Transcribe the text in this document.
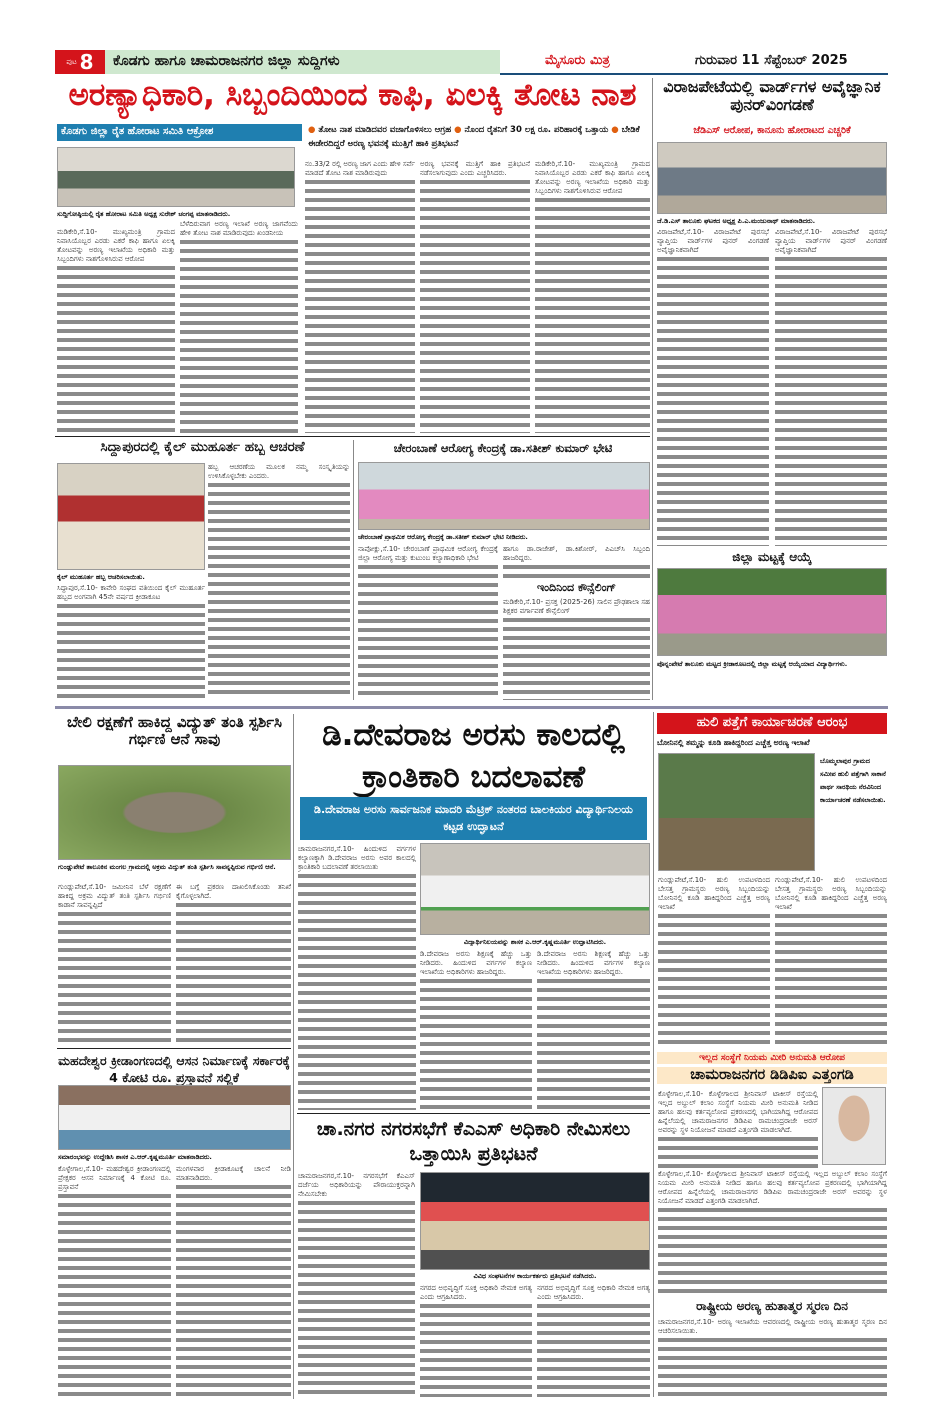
ಪುಟ 8	ಕೊಡಗು ಹಾಗೂ ಚಾಮರಾಜನಗರ ಜಿಲ್ಲಾ ಸುದ್ದಿಗಳು	ಮೈಸೂರು ಮಿತ್ರ	ಗುರುವಾರ 11 ಸೆಪ್ಟೆಂಬರ್ 2025
ಅರಣ್ಯಾಧಿಕಾರಿ, ಸಿಬ್ಬಂದಿಯಿಂದ ಕಾಫಿ, ಏಲಕ್ಕಿ ತೋಟ ನಾಶ
ಕೊಡಗು ಜಿಲ್ಲಾ ರೈತ ಹೋರಾಟ ಸಮಿತಿ ಆಕ್ರೋಶ	● ತೋಟ ನಾಶ ಮಾಡಿದವರ ವಜಾಗೊಳಿಸಲು ಆಗ್ರಹ ● ನೊಂದ ರೈತನಿಗೆ 30 ಲಕ್ಷ ರೂ. ಪರಿಹಾರಕ್ಕೆ ಒತ್ತಾಯ ● ಬೇಡಿಕೆ ಈಡೇರದಿದ್ದರೆ ಅರಣ್ಯ ಭವನಕ್ಕೆ ಮುತ್ತಿಗೆ ಹಾಕಿ ಪ್ರತಿಭಟನೆ
ಸುದ್ದಿಗೋಷ್ಠಿಯಲ್ಲಿ ರೈತ ಹೋರಾಟ ಸಮಿತಿ ಅಧ್ಯಕ್ಷ ಸುರೇಶ್ ಚಂಗಪ್ಪ ಮಾತನಾಡಿದರು.
ಮಡಿಕೇರಿ,ಸೆ.10- ಮುಖ್ಯಮಂತ್ರಿ ಗ್ರಾಮದ ನಿವಾಸಿಯೊಬ್ಬರ ಎರಡು ಎಕರೆ ಕಾಫಿ ಹಾಗೂ ಏಲಕ್ಕಿ ತೋಟವನ್ನು ಅರಣ್ಯ ಇಲಾಖೆಯ ಅಧಿಕಾರಿ ಮತ್ತು ಸಿಬ್ಬಂದಿಗಳು ನಾಶಗೊಳಿಸಿರುವ ಆರೋಪ
ಬೆಳೆದಿರುವಾಗ ಅರಣ್ಯ ಇಲಾಖೆ ಅರಣ್ಯ ಜಾಗವೆಂದು ಹೇಳಿ ತೋಟ ನಾಶ ಮಾಡಿರುವುದು ಖಂಡನೀಯ
ನಂ.33/2 ರಲ್ಲಿ ಅರಣ್ಯ ಜಾಗ ಎಂದು ಹೇಳಿ ಸರ್ವೆ ಮಾಡದೆ ತೋಟ ನಾಶ ಮಾಡಿರುವುದು
ಅರಣ್ಯ ಭವನಕ್ಕೆ ಮುತ್ತಿಗೆ ಹಾಕಿ ಪ್ರತಿಭಟನೆ ನಡೆಸಲಾಗುವುದು ಎಂದು ಎಚ್ಚರಿಸಿದರು.
ಮಡಿಕೇರಿ,ಸೆ.10- ಮುಖ್ಯಮಂತ್ರಿ ಗ್ರಾಮದ ನಿವಾಸಿಯೊಬ್ಬರ ಎರಡು ಎಕರೆ ಕಾಫಿ ಹಾಗೂ ಏಲಕ್ಕಿ ತೋಟವನ್ನು ಅರಣ್ಯ ಇಲಾಖೆಯ ಅಧಿಕಾರಿ ಮತ್ತು ಸಿಬ್ಬಂದಿಗಳು ನಾಶಗೊಳಿಸಿರುವ ಆರೋಪ
ವಿರಾಜಪೇಟೆಯಲ್ಲಿ ವಾರ್ಡ್‌ಗಳ ಅವೈಜ್ಞಾನಿಕ ಪುನರ್‌ವಿಂಗಡಣೆ
ಜೆಡಿಎಸ್ ಆರೋಪ, ಕಾನೂನು ಹೋರಾಟದ ಎಚ್ಚರಿಕೆ
ಜೆ.ಡಿ.ಎಸ್ ತಾಲೂಕು ಘಟಕದ ಅಧ್ಯಕ್ಷ ಪಿ.ಎ.ಮಂಜುನಾಥ್ ಮಾತನಾಡಿದರು.
ವಿರಾಜಪೇಟೆ,ಸೆ.10- ವಿರಾಜಪೇಟೆ ಪುರಸಭೆ ವ್ಯಾಪ್ತಿಯ ವಾರ್ಡ್‌ಗಳ ಪುನರ್ ವಿಂಗಡಣೆ ಅವೈಜ್ಞಾನಿಕವಾಗಿದೆ
ವಿರಾಜಪೇಟೆ,ಸೆ.10- ವಿರಾಜಪೇಟೆ ಪುರಸಭೆ ವ್ಯಾಪ್ತಿಯ ವಾರ್ಡ್‌ಗಳ ಪುನರ್ ವಿಂಗಡಣೆ ಅವೈಜ್ಞಾನಿಕವಾಗಿದೆ
ಜಿಲ್ಲಾ ಮಟ್ಟಕ್ಕೆ ಆಯ್ಕೆ
ಪೊನ್ನಂಪೇಟೆ ತಾಲೂಕು ಮಟ್ಟದ ಕ್ರೀಡಾಕೂಟದಲ್ಲಿ ಜಿಲ್ಲಾ ಮಟ್ಟಕ್ಕೆ ಆಯ್ಕೆಯಾದ ವಿದ್ಯಾರ್ಥಿಗಳು.
ಸಿದ್ದಾಪುರದಲ್ಲಿ ಕೈಲ್ ಮುಹೂರ್ತ ಹಬ್ಬ ಆಚರಣೆ
ಕೈಲ್ ಮುಹೂರ್ತ ಹಬ್ಬ ಆಚರಿಸಲಾಯಿತು.
ಸಿದ್ದಾಪುರ,ಸೆ.10- ಕಾವೇರಿ ಸಂಘದ ವತಿಯಿಂದ ಕೈಲ್ ಮುಹೂರ್ತ ಹಬ್ಬದ ಅಂಗವಾಗಿ 45ನೇ ವರ್ಷದ ಕ್ರೀಡಾಕೂಟ
ಹಬ್ಬ ಆಚರಣೆಯ ಮೂಲಕ ನಮ್ಮ ಸಂಸ್ಕೃತಿಯನ್ನು ಉಳಿಸಿಕೊಳ್ಳಬೇಕು ಎಂದರು.
ಚೇರಂಬಾಣೆ ಆರೋಗ್ಯ ಕೇಂದ್ರಕ್ಕೆ ಡಾ.ಸತೀಶ್ ಕುಮಾರ್ ಭೇಟಿ
ಚೇರಂಬಾಣೆ ಪ್ರಾಥಮಿಕ ಆರೋಗ್ಯ ಕೇಂದ್ರಕ್ಕೆ ಡಾ.ಸತೀಶ್ ಕುಮಾರ್ ಭೇಟಿ ನೀಡಿದರು.
ನಾಪೋಕ್ಲು,ಸೆ.10- ಚೇರಂಬಾಣೆ ಪ್ರಾಥಮಿಕ ಆರೋಗ್ಯ ಕೇಂದ್ರಕ್ಕೆ ಜಿಲ್ಲಾ ಆರೋಗ್ಯ ಮತ್ತು ಕುಟುಂಬ ಕಲ್ಯಾಣಾಧಿಕಾರಿ ಭೇಟಿ
ಹಾಗೂ ಡಾ.ರಾಜೇಶ್, ಡಾ.ಕಿಶೋರ್, ಪಿಎಚ್‌ಸಿ ಸಿಬ್ಬಂದಿ ಹಾಜರಿದ್ದರು.
ಇಂದಿನಿಂದ ಕೌನ್ಸೆಲಿಂಗ್
ಮಡಿಕೇರಿ,ಸೆ.10- ಪ್ರಸಕ್ತ (2025-26) ಸಾಲಿನ ಪ್ರೌಢಶಾಲಾ ಸಹ ಶಿಕ್ಷಕರ ವರ್ಗಾವಣೆ ಕೌನ್ಸೆಲಿಂಗ್
ಬೇಲಿ ರಕ್ಷಣೆಗೆ ಹಾಕಿದ್ದ ವಿದ್ಯುತ್ ತಂತಿ ಸ್ಪರ್ಶಿಸಿ ಗರ್ಭಿಣಿ ಆನೆ ಸಾವು
ಗುಂಡ್ಲುಪೇಟೆ ತಾಲೂಕಿನ ಮಂಗಲ ಗ್ರಾಮದಲ್ಲಿ ಅಕ್ರಮ ವಿದ್ಯುತ್ ತಂತಿ ಸ್ಪರ್ಶಿಸಿ ಸಾವನ್ನಪ್ಪಿರುವ ಗರ್ಭಿಣಿ ಆನೆ.
ಗುಂಡ್ಲುಪೇಟೆ,ಸೆ.10- ಜಮೀನಿನ ಬೆಳೆ ರಕ್ಷಣೆಗೆ ಹಾಕಿದ್ದ ಅಕ್ರಮ ವಿದ್ಯುತ್ ತಂತಿ ಸ್ಪರ್ಶಿಸಿ ಗರ್ಭಿಣಿ ಕಾಡಾನೆ ಸಾವನ್ನಪ್ಪಿದೆ
ಈ ಬಗ್ಗೆ ಪ್ರಕರಣ ದಾಖಲಿಸಿಕೊಂಡು ತನಿಖೆ ಕೈಗೊಳ್ಳಲಾಗಿದೆ.
ಡಿ.ದೇವರಾಜ ಅರಸು ಕಾಲದಲ್ಲಿ ಕ್ರಾಂತಿಕಾರಿ ಬದಲಾವಣೆ
ಡಿ.ದೇವರಾಜ ಅರಸು ಸಾರ್ವಜನಿಕ ಮಾದರಿ ಮೆಟ್ರಿಕ್ ನಂತರದ ಬಾಲಕಿಯರ ವಿದ್ಯಾರ್ಥಿನಿಲಯ ಕಟ್ಟಡ ಉದ್ಘಾಟನೆ
ಚಾಮರಾಜನಗರ,ಸೆ.10- ಹಿಂದುಳಿದ ವರ್ಗಗಳ ಕಲ್ಯಾಣಕ್ಕಾಗಿ ಡಿ.ದೇವರಾಜ ಅರಸು ಅವರ ಕಾಲದಲ್ಲಿ ಕ್ರಾಂತಿಕಾರಿ ಬದಲಾವಣೆ ತರಲಾಯಿತು
ವಿದ್ಯಾರ್ಥಿನಿಲಯವನ್ನು ಶಾಸಕ ಎ.ಆರ್.ಕೃಷ್ಣಮೂರ್ತಿ ಉದ್ಘಾಟಿಸಿದರು.
ಡಿ.ದೇವರಾಜ ಅರಸು ಶಿಕ್ಷಣಕ್ಕೆ ಹೆಚ್ಚು ಒತ್ತು ನೀಡಿದರು. ಹಿಂದುಳಿದ ವರ್ಗಗಳ ಕಲ್ಯಾಣ ಇಲಾಖೆಯ ಅಧಿಕಾರಿಗಳು ಹಾಜರಿದ್ದರು.
ಡಿ.ದೇವರಾಜ ಅರಸು ಶಿಕ್ಷಣಕ್ಕೆ ಹೆಚ್ಚು ಒತ್ತು ನೀಡಿದರು. ಹಿಂದುಳಿದ ವರ್ಗಗಳ ಕಲ್ಯಾಣ ಇಲಾಖೆಯ ಅಧಿಕಾರಿಗಳು ಹಾಜರಿದ್ದರು.
ಚಾ.ನಗರ ನಗರಸಭೆಗೆ ಕೆಎಎಸ್ ಅಧಿಕಾರಿ ನೇಮಿಸಲು ಒತ್ತಾಯಿಸಿ ಪ್ರತಿಭಟನೆ
ಚಾಮರಾಜನಗರ,ಸೆ.10- ನಗರಸಭೆಗೆ ಕೆಎಎಸ್ ದರ್ಜೆಯ ಅಧಿಕಾರಿಯನ್ನು ಪೌರಾಯುಕ್ತರನ್ನಾಗಿ ನೇಮಿಸಬೇಕು
ವಿವಿಧ ಸಂಘಟನೆಗಳ ಕಾರ್ಯಕರ್ತರು ಪ್ರತಿಭಟನೆ ನಡೆಸಿದರು.
ನಗರದ ಅಭಿವೃದ್ಧಿಗೆ ಸೂಕ್ತ ಅಧಿಕಾರಿ ನೇಮಕ ಅಗತ್ಯ ಎಂದು ಆಗ್ರಹಿಸಿದರು.
ನಗರದ ಅಭಿವೃದ್ಧಿಗೆ ಸೂಕ್ತ ಅಧಿಕಾರಿ ನೇಮಕ ಅಗತ್ಯ ಎಂದು ಆಗ್ರಹಿಸಿದರು.
ಮಹದೇಶ್ವರ ಕ್ರೀಡಾಂಗಣದಲ್ಲಿ ಆಸನ ನಿರ್ಮಾಣಕ್ಕೆ ಸರ್ಕಾರಕ್ಕೆ 4 ಕೋಟಿ ರೂ. ಪ್ರಸ್ತಾವನೆ ಸಲ್ಲಿಕೆ
ಸಮಾರಂಭವನ್ನು ಉದ್ದೇಶಿಸಿ ಶಾಸಕ ಎ.ಆರ್.ಕೃಷ್ಣಮೂರ್ತಿ ಮಾತನಾಡಿದರು.
ಕೊಳ್ಳೇಗಾಲ,ಸೆ.10- ಮಹದೇಶ್ವರ ಕ್ರೀಡಾಂಗಣದಲ್ಲಿ ಪ್ರೇಕ್ಷಕರ ಆಸನ ನಿರ್ಮಾಣಕ್ಕೆ 4 ಕೋಟಿ ರೂ. ಪ್ರಸ್ತಾವನೆ
ಮಂಗಳವಾರ ಕ್ರೀಡಾಕೂಟಕ್ಕೆ ಚಾಲನೆ ನೀಡಿ ಮಾತನಾಡಿದರು.
ಹುಲಿ ಪತ್ತೆಗೆ ಕಾರ್ಯಾಚರಣೆ ಆರಂಭ
ಬೋನಿನಲ್ಲಿ ತಮ್ಮನ್ನು ಕೂಡಿ ಹಾಕಿದ್ದರಿಂದ ಎಚ್ಚೆತ್ತ ಅರಣ್ಯ ಇಲಾಖೆ
ಬೊಮ್ಮಲಾಪುರ ಗ್ರಾಮದ ಸಮೀಪ ಹುಲಿ ಪತ್ತೆಗಾಗಿ ಸಾಕಾನೆ ಪಾರ್ಥ ಸಾರಥಿಯ ನೆರವಿನಿಂದ ಕಾರ್ಯಾಚರಣೆ ನಡೆಸಲಾಯಿತು.
ಗುಂಡ್ಲುಪೇಟೆ,ಸೆ.10- ಹುಲಿ ಉಪಟಳದಿಂದ ಬೇಸತ್ತ ಗ್ರಾಮಸ್ಥರು ಅರಣ್ಯ ಸಿಬ್ಬಂದಿಯನ್ನು ಬೋನಿನಲ್ಲಿ ಕೂಡಿ ಹಾಕಿದ್ದರಿಂದ ಎಚ್ಚೆತ್ತ ಅರಣ್ಯ ಇಲಾಖೆ
ಗುಂಡ್ಲುಪೇಟೆ,ಸೆ.10- ಹುಲಿ ಉಪಟಳದಿಂದ ಬೇಸತ್ತ ಗ್ರಾಮಸ್ಥರು ಅರಣ್ಯ ಸಿಬ್ಬಂದಿಯನ್ನು ಬೋನಿನಲ್ಲಿ ಕೂಡಿ ಹಾಕಿದ್ದರಿಂದ ಎಚ್ಚೆತ್ತ ಅರಣ್ಯ ಇಲಾಖೆ
ಇಲ್ಲದ ಸಂಸ್ಥೆಗೆ ನಿಯಮ ಮೀರಿ ಅನುಮತಿ ಆರೋಪ
ಚಾಮರಾಜನಗರ ಡಿಡಿಪಿಐ ಎತ್ತಂಗಡಿ
ಕೊಳ್ಳೇಗಾಲ,ಸೆ.10- ಕೊಳ್ಳೇಗಾಲದ ಶ್ರೀನಿವಾಸ್ ಟಾಕೀಸ್ ರಸ್ತೆಯಲ್ಲಿ ಇಲ್ಲದ ಅಬ್ದುಲ್ ಕಲಾಂ ಸಂಸ್ಥೆಗೆ ನಿಯಮ ಮೀರಿ ಅನುಮತಿ ನೀಡಿದ ಹಾಗೂ ಹಲವು ಕರ್ತವ್ಯಲೋಪ ಪ್ರಕರಣದಲ್ಲಿ ಭಾಗಿಯಾಗಿದ್ದ ಆರೋಪದ ಹಿನ್ನೆಲೆಯಲ್ಲಿ ಚಾಮರಾಜನಗರ ಡಿಡಿಪಿಐ ರಾಮಚಂದ್ರರಾಜೇ ಅರಸ್ ಅವರನ್ನು ಸ್ಥಳ ನಿಯೋಜನೆ ಮಾಡದೆ ಎತ್ತಂಗಡಿ ಮಾಡಲಾಗಿದೆ.
ಕೊಳ್ಳೇಗಾಲ,ಸೆ.10- ಕೊಳ್ಳೇಗಾಲದ ಶ್ರೀನಿವಾಸ್ ಟಾಕೀಸ್ ರಸ್ತೆಯಲ್ಲಿ ಇಲ್ಲದ ಅಬ್ದುಲ್ ಕಲಾಂ ಸಂಸ್ಥೆಗೆ ನಿಯಮ ಮೀರಿ ಅನುಮತಿ ನೀಡಿದ ಹಾಗೂ ಹಲವು ಕರ್ತವ್ಯಲೋಪ ಪ್ರಕರಣದಲ್ಲಿ ಭಾಗಿಯಾಗಿದ್ದ ಆರೋಪದ ಹಿನ್ನೆಲೆಯಲ್ಲಿ ಚಾಮರಾಜನಗರ ಡಿಡಿಪಿಐ ರಾಮಚಂದ್ರರಾಜೇ ಅರಸ್ ಅವರನ್ನು ಸ್ಥಳ ನಿಯೋಜನೆ ಮಾಡದೆ ಎತ್ತಂಗಡಿ ಮಾಡಲಾಗಿದೆ.
ರಾಷ್ಟ್ರೀಯ ಅರಣ್ಯ ಹುತಾತ್ಮರ ಸ್ಮರಣ ದಿನ
ಚಾಮರಾಜನಗರ,ಸೆ.10- ಅರಣ್ಯ ಇಲಾಖೆಯ ಆವರಣದಲ್ಲಿ ರಾಷ್ಟ್ರೀಯ ಅರಣ್ಯ ಹುತಾತ್ಮರ ಸ್ಮರಣ ದಿನ ಆಚರಿಸಲಾಯಿತು.
